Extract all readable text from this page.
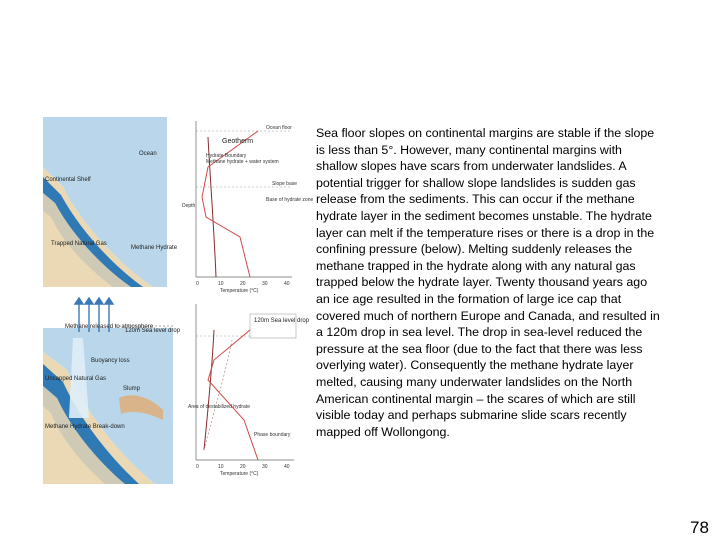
Ocean
Continental Shelf
Trapped Natural Gas
Methane Hydrate
Geotherm
Hydrate Boundary
Methane hydrate + water system
Ocean floor
Slope base
Base of hydrate zone
Depth
0	10	20	30	40
Temperature (°C)
Methane released to atmosphere
120m Sea level drop
Buoyancy loss
Uncapped Natural Gas
Slump
Methane Hydrate Break-down
120m Sea level drop
Area of destabilized hydrate
Phase boundary
0	10	20	30	40
Temperature (°C)

Sea floor slopes on continental margins are stable if the slope is less than 5°. However, many continental margins with shallow slopes have scars from underwater landslides. A potential trigger for shallow slope landslides is sudden gas release from the sediments. This can occur if the methane hydrate layer in the sediment becomes unstable. The hydrate layer can melt if the temperature rises or there is a drop in the confining pressure (below). Melting suddenly releases the methane trapped in the hydrate along with any natural gas trapped below the hydrate layer. Twenty thousand years ago an ice age resulted in the formation of large ice cap that covered much of northern Europe and Canada, and resulted in a 120m drop in sea level. The drop in sea-level reduced the pressure at the sea floor (due to the fact that there was less overlying water). Consequently the methane hydrate layer melted, causing many underwater landslides on the North American continental margin – the scares of which are still visible today and perhaps submarine slide scars recently mapped off Wollongong.

78
